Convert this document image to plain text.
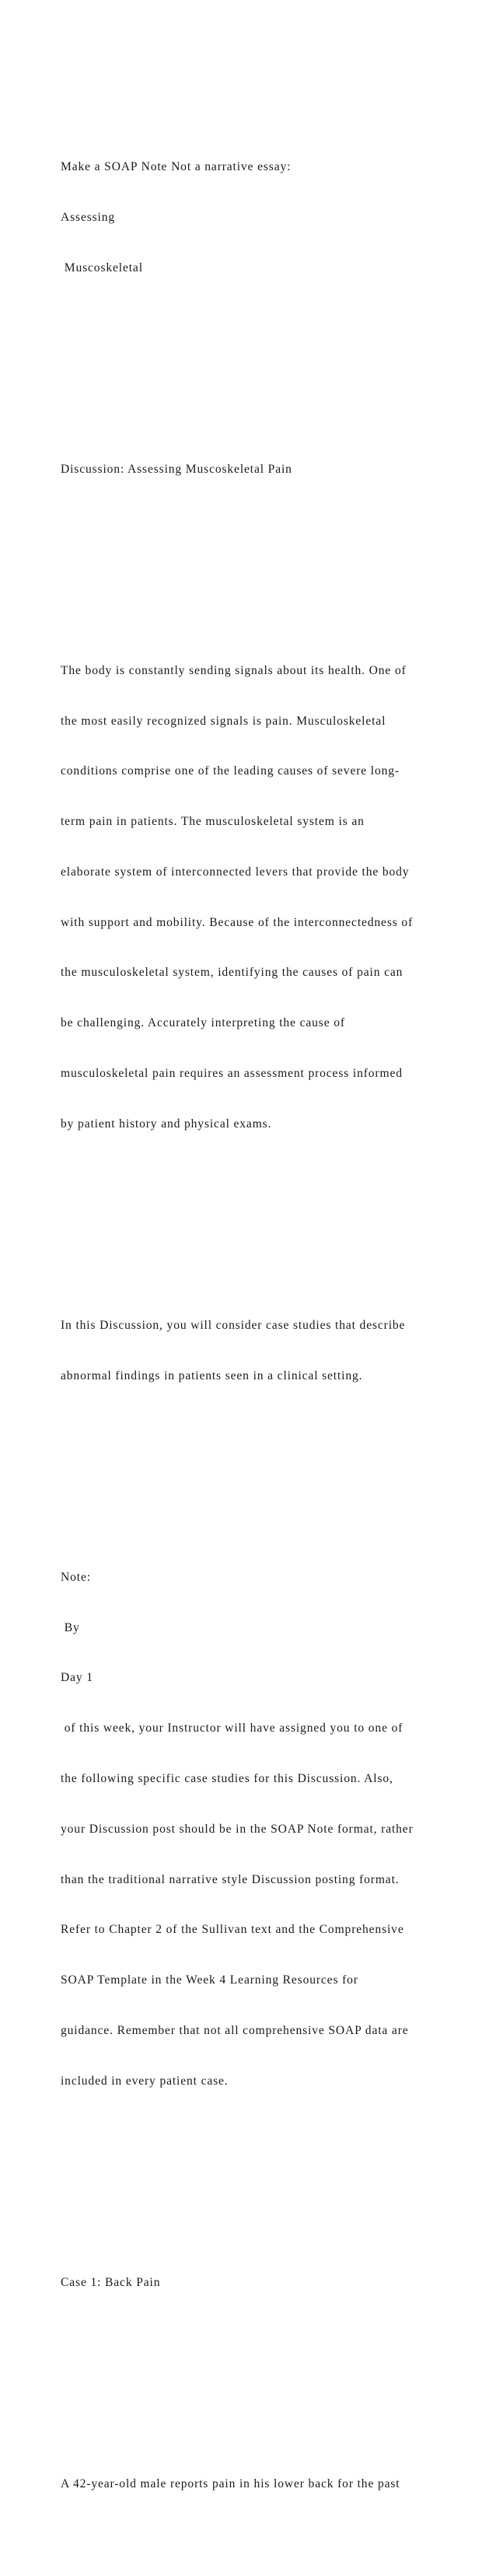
Make a SOAP Note Not a narrative essay:

Assessing

Muscoskeletal

Discussion: Assessing Muscoskeletal Pain

The body is constantly sending signals about its health. One of

the most easily recognized signals is pain. Musculoskeletal

conditions comprise one of the leading causes of severe long-

term pain in patients. The musculoskeletal system is an

elaborate system of interconnected levers that provide the body

with support and mobility. Because of the interconnectedness of

the musculoskeletal system, identifying the causes of pain can

be challenging. Accurately interpreting the cause of

musculoskeletal pain requires an assessment process informed

by patient history and physical exams.

In this Discussion, you will consider case studies that describe

abnormal findings in patients seen in a clinical setting.

Note:

By

Day 1

of this week, your Instructor will have assigned you to one of

the following specific case studies for this Discussion. Also,

your Discussion post should be in the SOAP Note format, rather

than the traditional narrative style Discussion posting format.

Refer to Chapter 2 of the Sullivan text and the Comprehensive

SOAP Template in the Week 4 Learning Resources for

guidance. Remember that not all comprehensive SOAP data are

included in every patient case.

Case 1: Back Pain

A 42-year-old male reports pain in his lower back for the past
